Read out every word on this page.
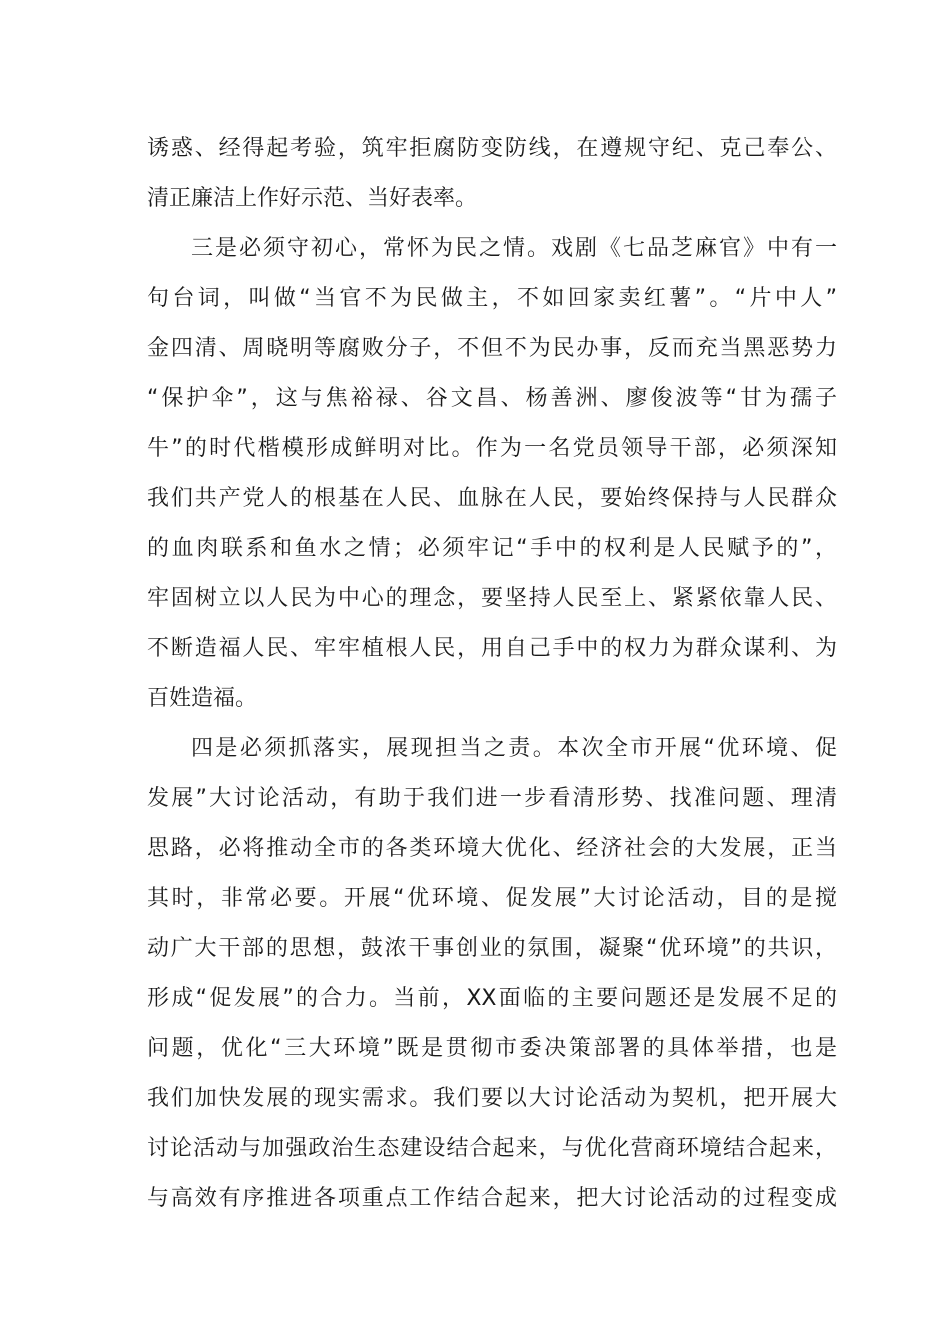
诱惑、经得起考验，筑牢拒腐防变防线，在遵规守纪、克己奉公、
清正廉洁上作好示范、当好表率。
三是必须守初心，常怀为民之情。戏剧《七品芝麻官》中有一
句台词，叫做“当官不为民做主，不如回家卖红薯”。“片中人”
金四清、周晓明等腐败分子，不但不为民办事，反而充当黑恶势力
“保护伞”，这与焦裕禄、谷文昌、杨善洲、廖俊波等“甘为孺子
牛”的时代楷模形成鲜明对比。作为一名党员领导干部，必须深知
我们共产党人的根基在人民、血脉在人民，要始终保持与人民群众
的血肉联系和鱼水之情；必须牢记“手中的权利是人民赋予的”，
牢固树立以人民为中心的理念，要坚持人民至上、紧紧依靠人民、
不断造福人民、牢牢植根人民，用自己手中的权力为群众谋利、为
百姓造福。
四是必须抓落实，展现担当之责。本次全市开展“优环境、促
发展”大讨论活动，有助于我们进一步看清形势、找准问题、理清
思路，必将推动全市的各类环境大优化、经济社会的大发展，正当
其时，非常必要。开展“优环境、促发展”大讨论活动，目的是搅
动广大干部的思想，鼓浓干事创业的氛围，凝聚“优环境”的共识，
形成“促发展”的合力。当前，XX面临的主要问题还是发展不足的
问题，优化“三大环境”既是贯彻市委决策部署的具体举措，也是
我们加快发展的现实需求。我们要以大讨论活动为契机，把开展大
讨论活动与加强政治生态建设结合起来，与优化营商环境结合起来，
与高效有序推进各项重点工作结合起来，把大讨论活动的过程变成
